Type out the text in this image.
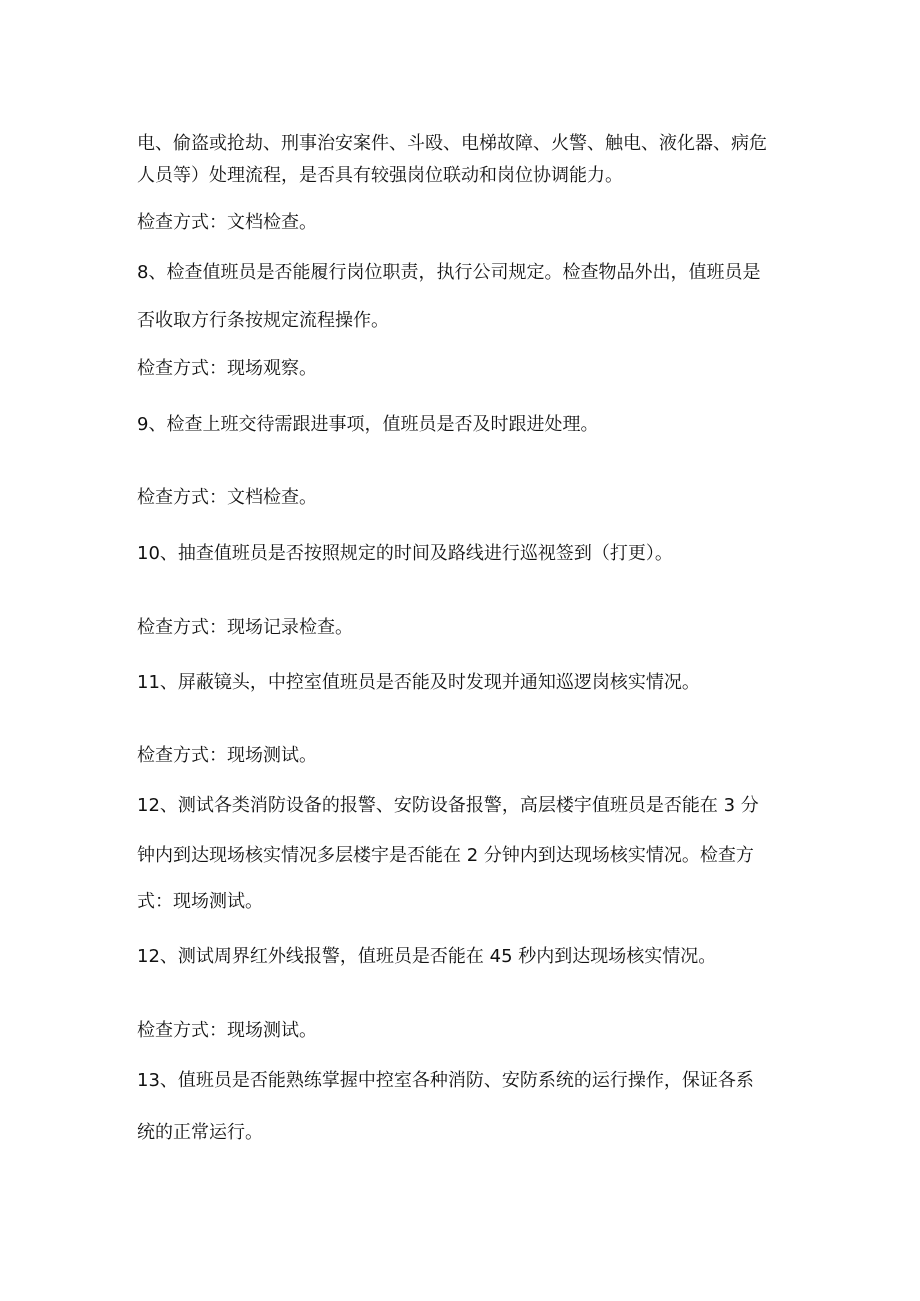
电、偷盗或抢劫、刑事治安案件、斗殴、电梯故障、火警、触电、液化器、病危
人员等）处理流程，是否具有较强岗位联动和岗位协调能力。
检查方式：文档检查。
8、检查值班员是否能履行岗位职责，执行公司规定。检查物品外出，值班员是
否收取方行条按规定流程操作。
检查方式：现场观察。
9、检查上班交待需跟进事项，值班员是否及时跟进处理。
检查方式：文档检查。
10、抽查值班员是否按照规定的时间及路线进行巡视签到（打更）。
检查方式：现场记录检查。
11、屏蔽镜头，中控室值班员是否能及时发现并通知巡逻岗核实情况。
检查方式：现场测试。
12、测试各类消防设备的报警、安防设备报警，高层楼宇值班员是否能在 3 分
钟内到达现场核实情况多层楼宇是否能在 2 分钟内到达现场核实情况。检查方
式：现场测试。
12、测试周界红外线报警，值班员是否能在 45 秒内到达现场核实情况。
检查方式：现场测试。
13、值班员是否能熟练掌握中控室各种消防、安防系统的运行操作，保证各系
统的正常运行。
